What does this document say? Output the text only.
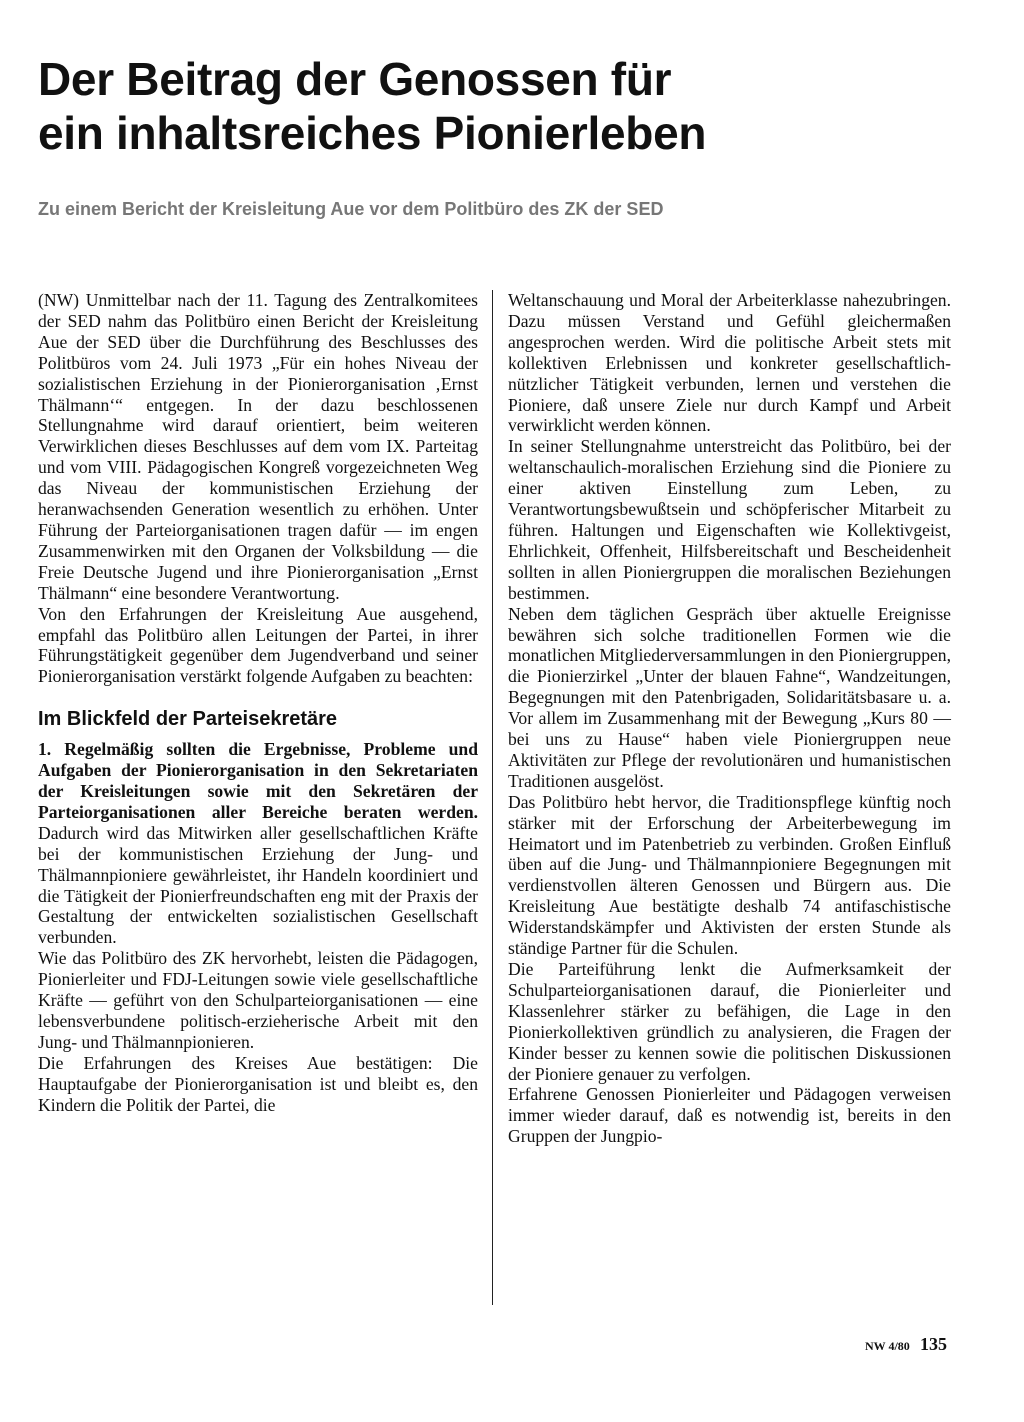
Der Beitrag der Genossen für
ein inhaltsreiches Pionierleben

Zu einem Bericht der Kreisleitung Aue vor dem Politbüro des ZK der SED

(NW) Unmittelbar nach der 11. Tagung des Zentralkomitees der SED nahm das Politbüro einen Bericht der Kreisleitung Aue der SED über die Durchführung des Beschlusses des Politbüros vom 24. Juli 1973 „Für ein hohes Niveau der sozialistischen Erziehung in der Pionierorganisation ‚Ernst Thälmann‘“ entgegen. In der dazu beschlossenen Stellungnahme wird darauf orientiert, beim weiteren Verwirklichen dieses Beschlusses auf dem vom IX. Parteitag und vom VIII. Pädagogischen Kongreß vorgezeichneten Weg das Niveau der kommunistischen Erziehung der heranwachsenden Generation wesentlich zu erhöhen. Unter Führung der Parteiorganisationen tragen dafür — im engen Zusammenwirken mit den Organen der Volksbildung — die Freie Deutsche Jugend und ihre Pionierorganisation „Ernst Thälmann“ eine besondere Verantwortung.

Von den Erfahrungen der Kreisleitung Aue ausgehend, empfahl das Politbüro allen Leitungen der Partei, in ihrer Führungstätigkeit gegenüber dem Jugendverband und seiner Pionierorganisation verstärkt folgende Aufgaben zu beachten:

Im Blickfeld der Parteisekretäre

1. Regelmäßig sollten die Ergebnisse, Probleme und Aufgaben der Pionierorganisation in den Sekretariaten der Kreisleitungen sowie mit den Sekretären der Parteiorganisationen aller Bereiche beraten werden. Dadurch wird das Mitwirken aller gesellschaftlichen Kräfte bei der kommunistischen Erziehung der Jung- und Thälmannpioniere gewährleistet, ihr Handeln koordiniert und die Tätigkeit der Pionierfreundschaften eng mit der Praxis der Gestaltung der entwickelten sozialistischen Gesellschaft verbunden.

Wie das Politbüro des ZK hervorhebt, leisten die Pädagogen, Pionierleiter und FDJ-Leitungen sowie viele gesellschaftliche Kräfte — geführt von den Schulparteiorganisationen — eine lebensverbundene politisch-erzieherische Arbeit mit den Jung- und Thälmannpionieren.

Die Erfahrungen des Kreises Aue bestätigen: Die Hauptaufgabe der Pionierorganisation ist und bleibt es, den Kindern die Politik der Partei, die

Weltanschauung und Moral der Arbeiterklasse nahezubringen. Dazu müssen Verstand und Gefühl gleichermaßen angesprochen werden. Wird die politische Arbeit stets mit kollektiven Erlebnissen und konkreter gesellschaftlich-nützlicher Tätigkeit verbunden, lernen und verstehen die Pioniere, daß unsere Ziele nur durch Kampf und Arbeit verwirklicht werden können.

In seiner Stellungnahme unterstreicht das Politbüro, bei der weltanschaulich-moralischen Erziehung sind die Pioniere zu einer aktiven Einstellung zum Leben, zu Verantwortungsbewußtsein und schöpferischer Mitarbeit zu führen. Haltungen und Eigenschaften wie Kollektivgeist, Ehrlichkeit, Offenheit, Hilfsbereitschaft und Bescheidenheit sollten in allen Pioniergruppen die moralischen Beziehungen bestimmen.

Neben dem täglichen Gespräch über aktuelle Ereignisse bewähren sich solche traditionellen Formen wie die monatlichen Mitgliederversammlungen in den Pioniergruppen, die Pionierzirkel „Unter der blauen Fahne“, Wandzeitungen, Begegnungen mit den Patenbrigaden, Solidaritätsbasare u. a. Vor allem im Zusammenhang mit der Bewegung „Kurs 80 — bei uns zu Hause“ haben viele Pioniergruppen neue Aktivitäten zur Pflege der revolutionären und humanistischen Traditionen ausgelöst.

Das Politbüro hebt hervor, die Traditionspflege künftig noch stärker mit der Erforschung der Arbeiterbewegung im Heimatort und im Patenbetrieb zu verbinden. Großen Einfluß üben auf die Jung- und Thälmannpioniere Begegnungen mit verdienstvollen älteren Genossen und Bürgern aus. Die Kreisleitung Aue bestätigte deshalb 74 antifaschistische Widerstandskämpfer und Aktivisten der ersten Stunde als ständige Partner für die Schulen.

Die Parteiführung lenkt die Aufmerksamkeit der Schulparteiorganisationen darauf, die Pionierleiter und Klassenlehrer stärker zu befähigen, die Lage in den Pionierkollektiven gründlich zu analysieren, die Fragen der Kinder besser zu kennen sowie die politischen Diskussionen der Pioniere genauer zu verfolgen.

Erfahrene Genossen Pionierleiter und Pädagogen verweisen immer wieder darauf, daß es notwendig ist, bereits in den Gruppen der Jungpio-

NW 4/80 135
